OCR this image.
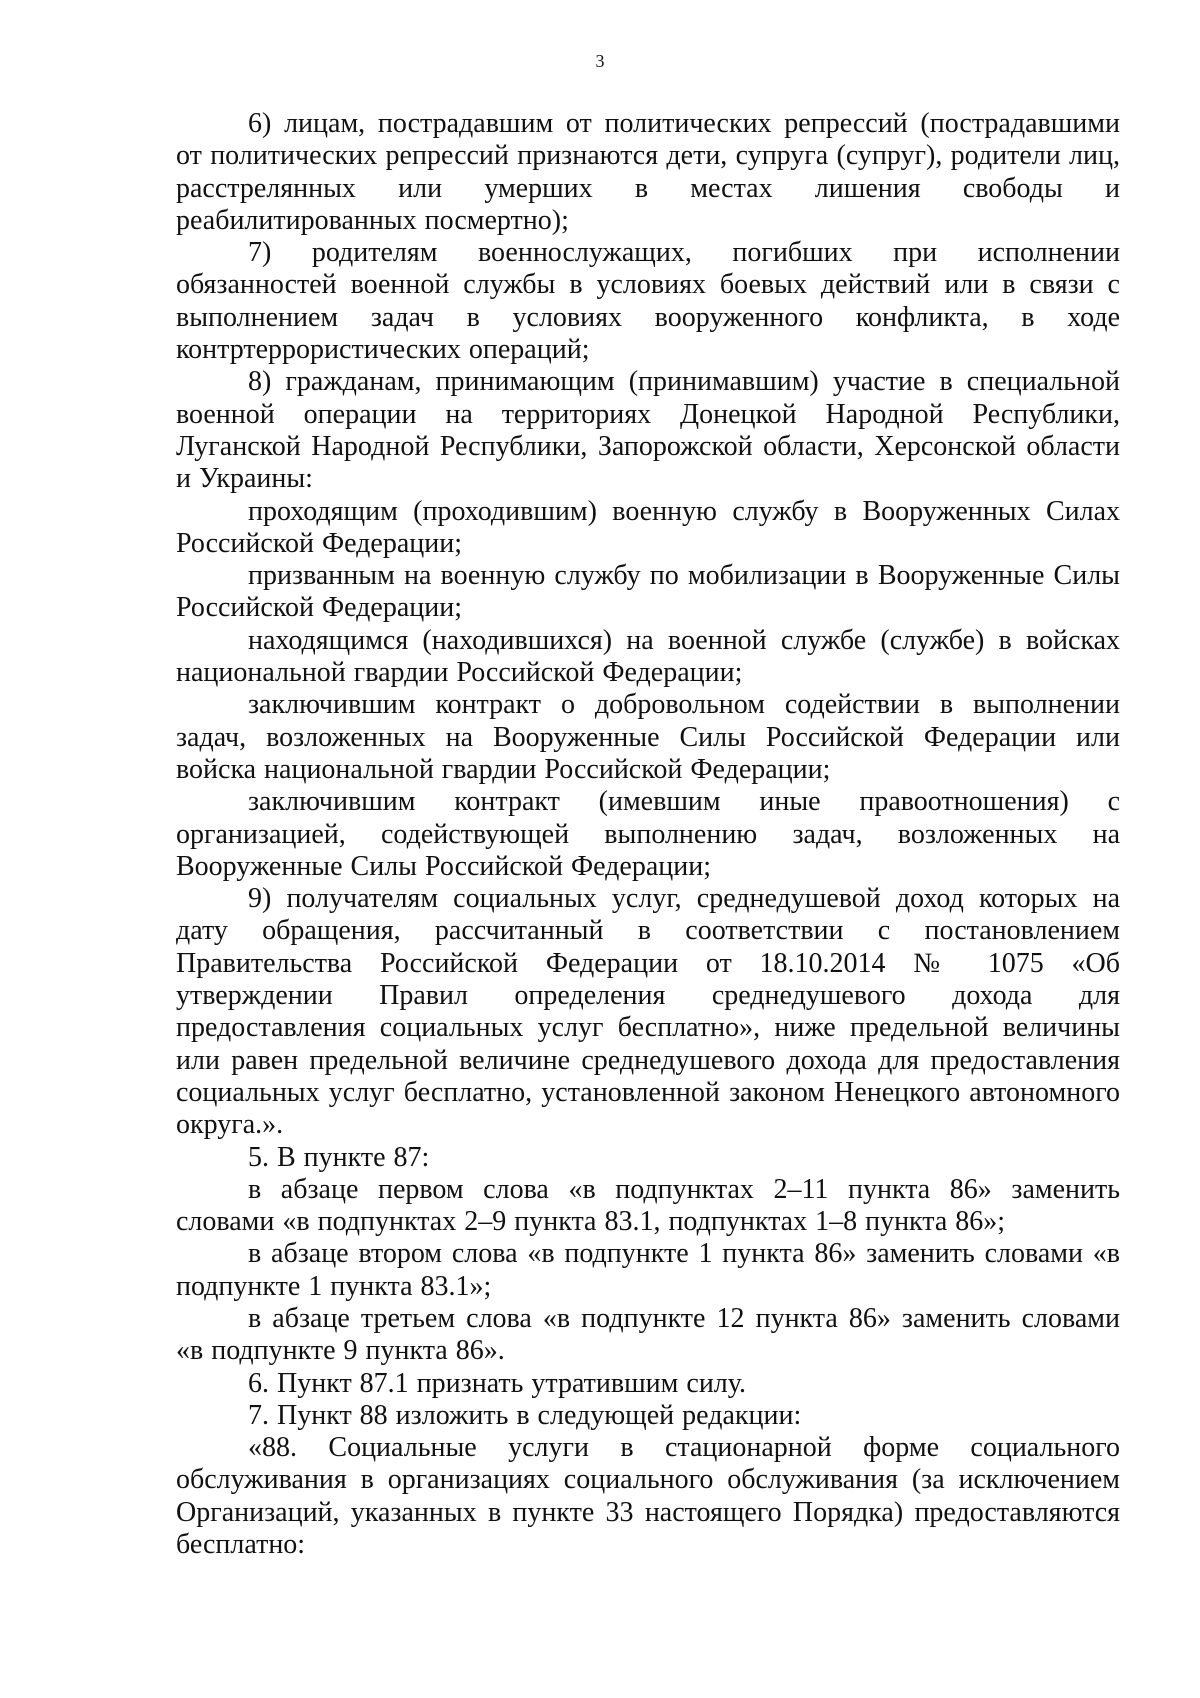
3

6) лицам, пострадавшим от политических репрессий (пострадавшими от политических репрессий признаются дети, супруга (супруг), родители лиц, расстрелянных или умерших в местах лишения свободы и реабилитированных посмертно);

7) родителям военнослужащих, погибших при исполнении обязанностей военной службы в условиях боевых действий или в связи с выполнением задач в условиях вооруженного конфликта, в ходе контртеррористических операций;

8) гражданам, принимающим (принимавшим) участие в специальной военной операции на территориях Донецкой Народной Республики, Луганской Народной Республики, Запорожской области, Херсонской области и Украины:

проходящим (проходившим) военную службу в Вооруженных Силах Российской Федерации;

призванным на военную службу по мобилизации в Вооруженные Силы Российской Федерации;

находящимся (находившихся) на военной службе (службе) в войсках национальной гвардии Российской Федерации;

заключившим контракт о добровольном содействии в выполнении задач, возложенных на Вооруженные Силы Российской Федерации или войска национальной гвардии Российской Федерации;

заключившим контракт (имевшим иные правоотношения) с организацией, содействующей выполнению задач, возложенных на Вооруженные Силы Российской Федерации;

9) получателям социальных услуг, среднедушевой доход которых на дату обращения, рассчитанный в соответствии с постановлением Правительства Российской Федерации от 18.10.2014 № 1075 «Об утверждении Правил определения среднедушевого дохода для предоставления социальных услуг бесплатно», ниже предельной величины или равен предельной величине среднедушевого дохода для предоставления социальных услуг бесплатно, установленной законом Ненецкого автономного округа.».

5. В пункте 87:

в абзаце первом слова «в подпунктах 2–11 пункта 86» заменить словами «в подпунктах 2–9 пункта 83.1, подпунктах 1–8 пункта 86»;

в абзаце втором слова «в подпункте 1 пункта 86» заменить словами «в подпункте 1 пункта 83.1»;

в абзаце третьем слова «в подпункте 12 пункта 86» заменить словами «в подпункте 9 пункта 86».

6. Пункт 87.1 признать утратившим силу.

7. Пункт 88 изложить в следующей редакции:

«88. Социальные услуги в стационарной форме социального обслуживания в организациях социального обслуживания (за исключением Организаций, указанных в пункте 33 настоящего Порядка) предоставляются бесплатно:
